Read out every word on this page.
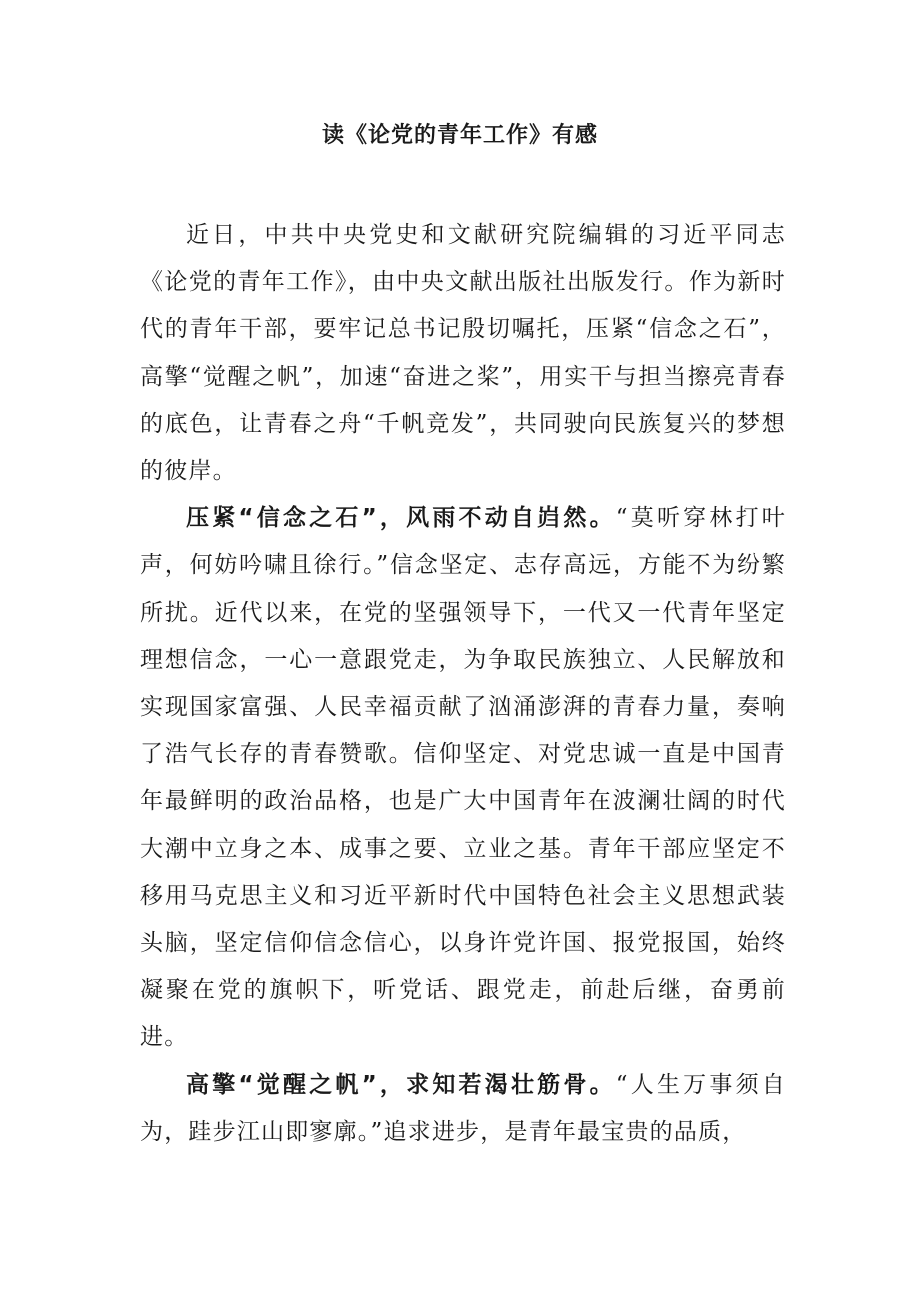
读《论党的青年工作》有感

近日，中共中央党史和文献研究院编辑的习近平同志《论党的青年工作》，由中央文献出版社出版发行。作为新时代的青年干部，要牢记总书记殷切嘱托，压紧“信念之石”，高擎“觉醒之帆”，加速“奋进之桨”，用实干与担当擦亮青春的底色，让青春之舟“千帆竞发”，共同驶向民族复兴的梦想的彼岸。

压紧“信念之石”，风雨不动自岿然。“莫听穿林打叶声，何妨吟啸且徐行。”信念坚定、志存高远，方能不为纷繁所扰。近代以来，在党的坚强领导下，一代又一代青年坚定理想信念，一心一意跟党走，为争取民族独立、人民解放和实现国家富强、人民幸福贡献了汹涌澎湃的青春力量，奏响了浩气长存的青春赞歌。信仰坚定、对党忠诚一直是中国青年最鲜明的政治品格，也是广大中国青年在波澜壮阔的时代大潮中立身之本、成事之要、立业之基。青年干部应坚定不移用马克思主义和习近平新时代中国特色社会主义思想武装头脑，坚定信仰信念信心，以身许党许国、报党报国，始终凝聚在党的旗帜下，听党话、跟党走，前赴后继，奋勇前进。

高擎“觉醒之帆”，求知若渴壮筋骨。“人生万事须自为，跬步江山即寥廓。”追求进步，是青年最宝贵的品质，
